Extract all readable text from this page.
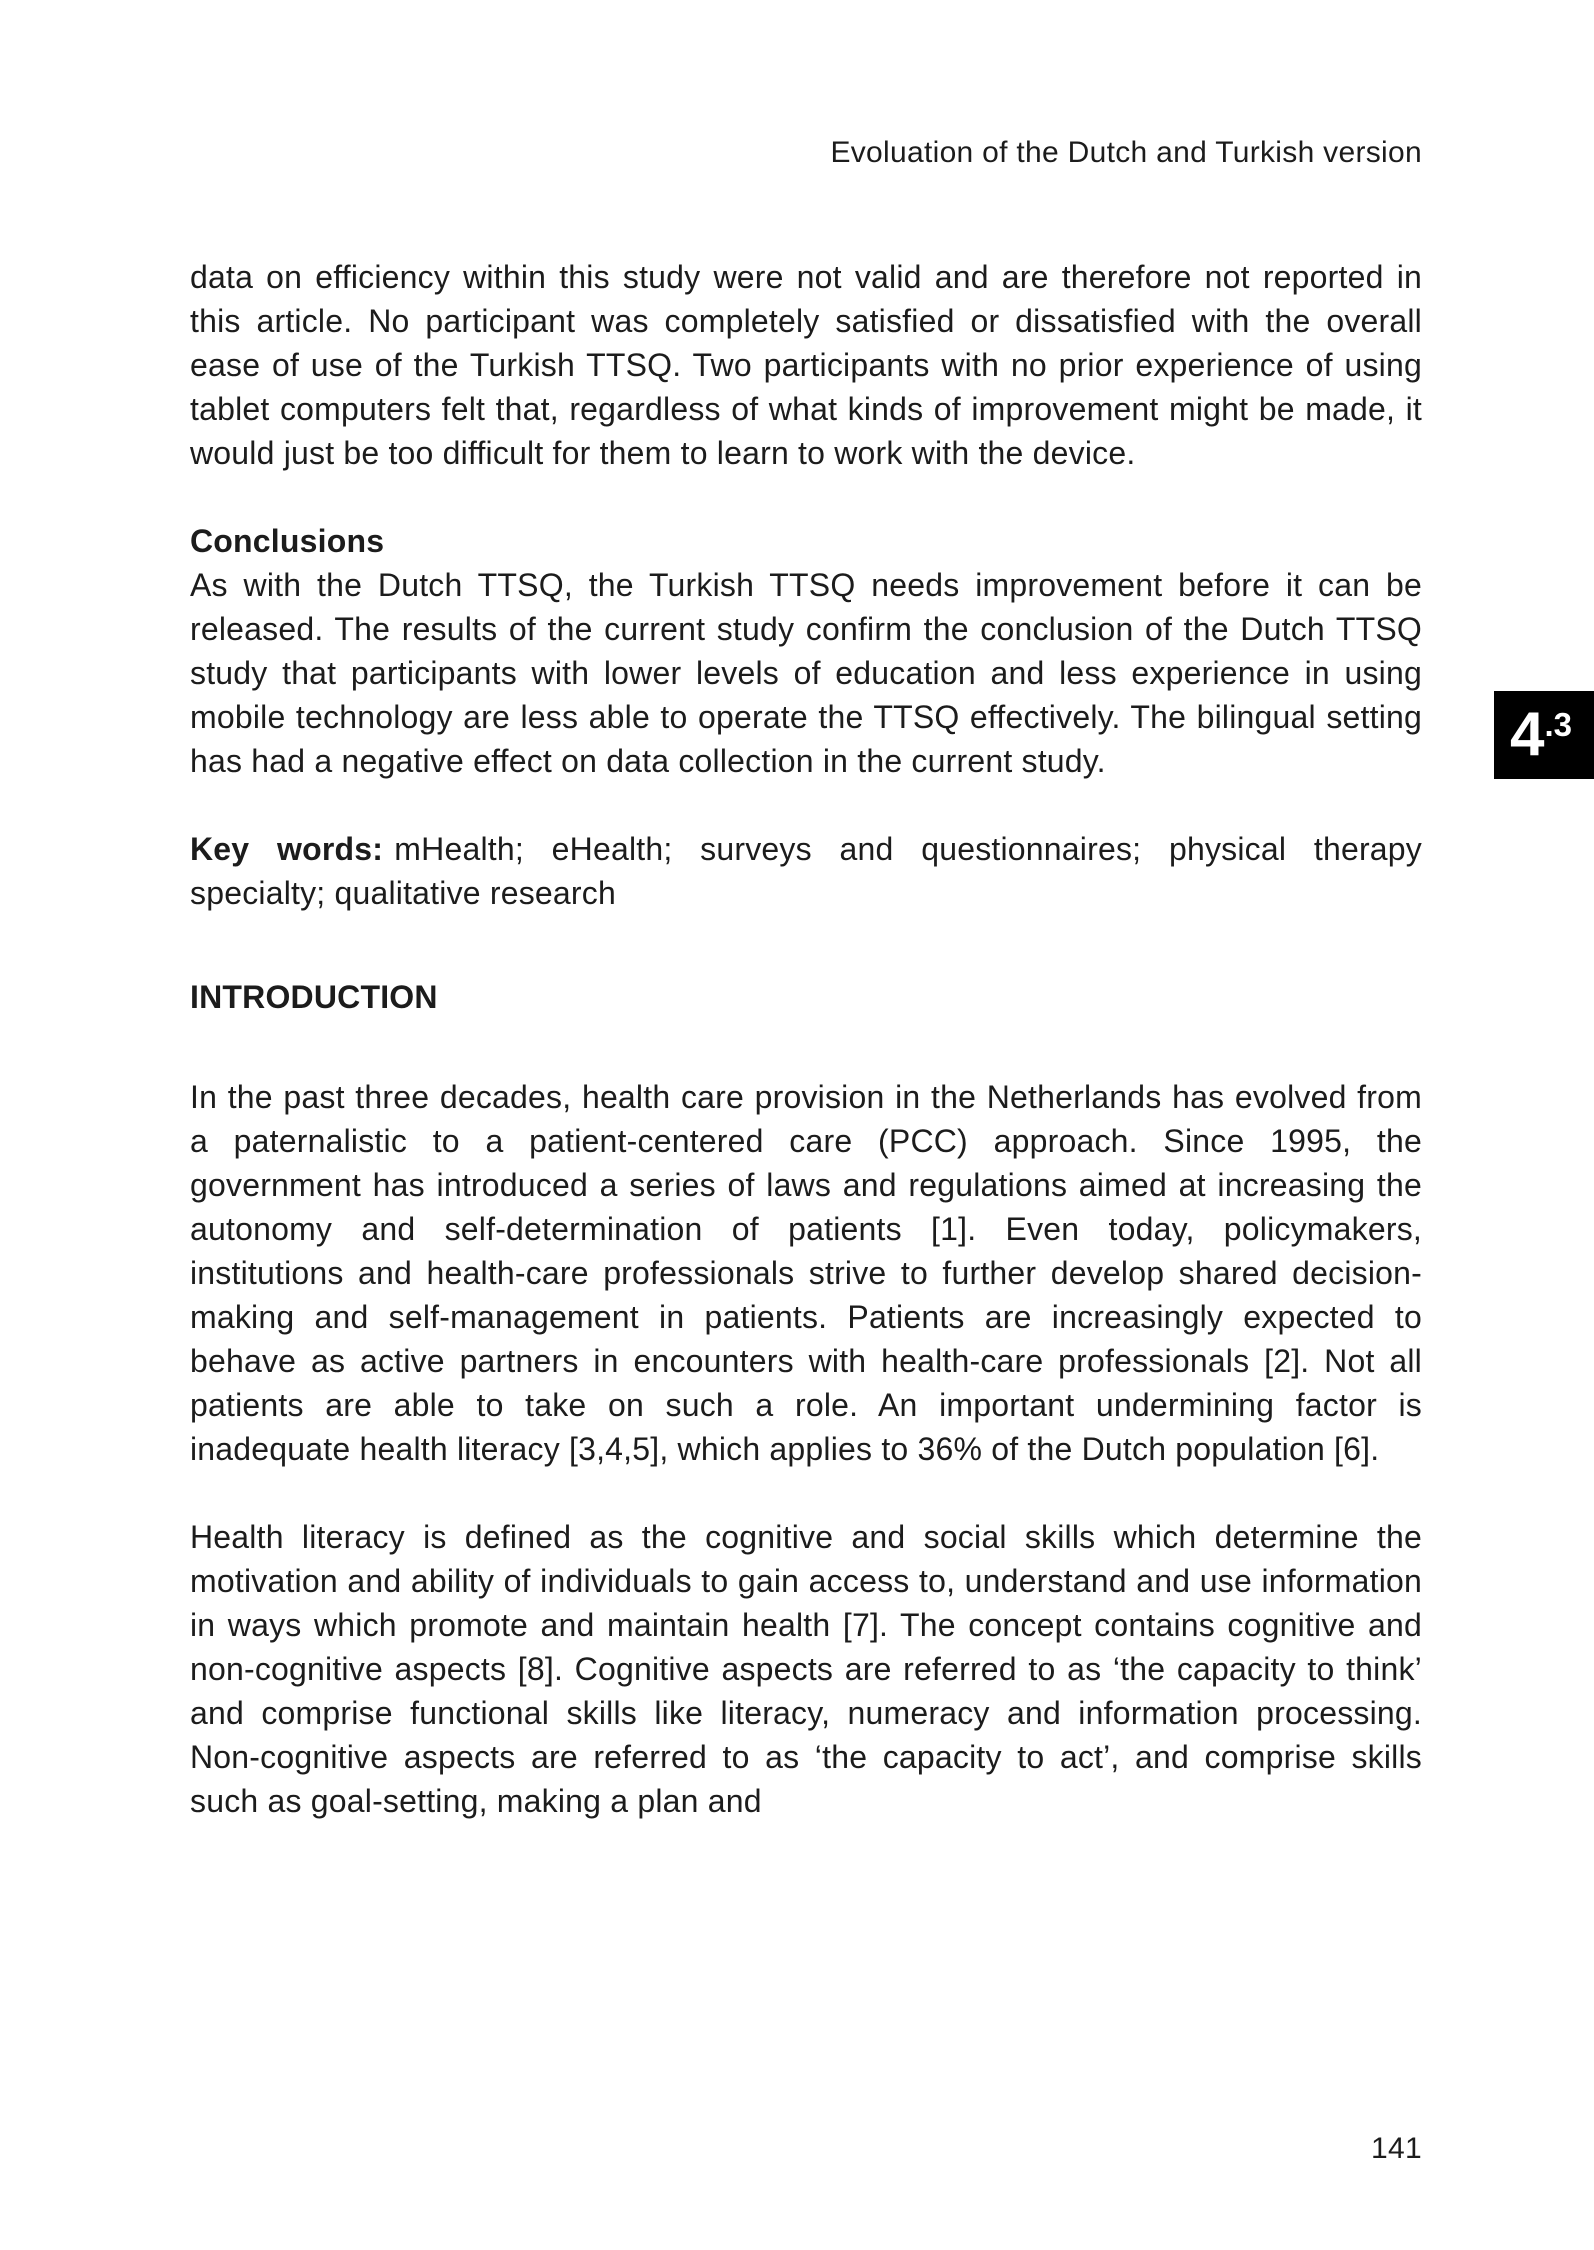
Evoluation of the Dutch and Turkish version

data on efficiency within this study were not valid and are therefore not reported in this article. No participant was completely satisfied or dissatisfied with the overall ease of use of the Turkish TTSQ. Two participants with no prior experience of using tablet computers felt that, regardless of what kinds of improvement might be made, it would just be too difficult for them to learn to work with the device.

Conclusions

As with the Dutch TTSQ, the Turkish TTSQ needs improvement before it can be released. The results of the current study confirm the conclusion of the Dutch TTSQ study that participants with lower levels of education and less experience in using mobile technology are less able to operate the TTSQ effectively. The bilingual setting has had a negative effect on data collection in the current study.

Key words: mHealth; eHealth; surveys and questionnaires; physical therapy specialty; qualitative research

INTRODUCTION

In the past three decades, health care provision in the Netherlands has evolved from a paternalistic to a patient-centered care (PCC) approach. Since 1995, the government has introduced a series of laws and regulations aimed at increasing the autonomy and self-determination of patients [1]. Even today, policymakers, institutions and health-care professionals strive to further develop shared decision-making and self-management in patients. Patients are increasingly expected to behave as active partners in encounters with health-care professionals [2]. Not all patients are able to take on such a role. An important undermining factor is inadequate health literacy [3,4,5], which applies to 36% of the Dutch population [6].

Health literacy is defined as the cognitive and social skills which determine the motivation and ability of individuals to gain access to, understand and use information in ways which promote and maintain health [7]. The concept contains cognitive and non-cognitive aspects [8]. Cognitive aspects are referred to as ‘the capacity to think’ and comprise functional skills like literacy, numeracy and information processing. Non-cognitive aspects are referred to as ‘the capacity to act’, and comprise skills such as goal-setting, making a plan and

4 .3
141
